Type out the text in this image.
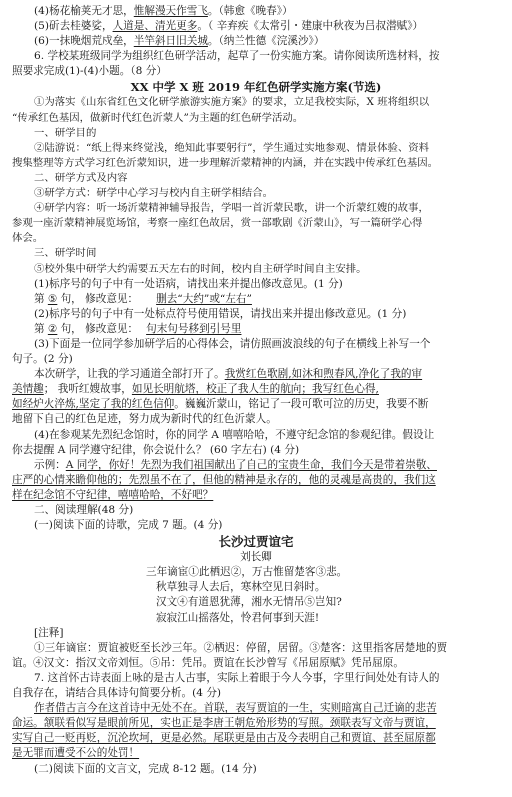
(4)杨花榆荚无才思，惟解漫天作雪飞。（韩愈《晚春》）
(5)斫去桂婆娑，人道是、清光更多。（ 辛弃疾《太常引・建康中秋夜为吕叔潜赋》）
(6)一抹晚烟荒戍垒，半竿斜日旧关城。（纳兰性德《浣溪沙》）
6. 学校某班级同学为组织红色研学活动，起草了一份实施方案。请你阅读所选材料，按
照要求完成(1)-(4)小题。（8 分）
XX 中学 X 班 2019 年红色研学实施方案(节选)
①为落实《山东省红色文化研学旅游实施方案》的要求，立足我校实际，X 班将组织以
“传承红色基因，做新时代红色沂蒙人”为主题的红色研学活动。
一、研学目的
②陆游说：“纸上得来终觉浅，绝知此事要躬行”，学生通过实地参观、情景体验、资料
搜集整理等方式学习红色沂蒙知识，进一步理解沂蒙精神的内涵，并在实践中传承红色基因。
二、研学方式及内容
③研学方式：研学中心学习与校内自主研学相结合。
④研学内容：听一场沂蒙精神辅导报告，学唱一首沂蒙民歌，讲一个沂蒙红嫂的故事，
参观一座沂蒙精神展览场馆，考察一座红色故居，赏一部歌剧《沂蒙山》，写一篇研学心得
体会。
三、研学时间
⑤校外集中研学大约需要五天左右的时间，校内自主研学时间自主安排。
(1)标序号的句子中有一处语病，请找出来并提出修改意见。(1 分)
第 ⑤ 句， 修改意见： 删去“大约”或“左右”
(2)标序号的句子中有一处标点符号使用错误，请找出来并提出修改意见。(1 分)
第 ② 句， 修改意见： 句末句号移到引号里
(3)下面是一位同学参加研学后的心得体会，请仿照画波浪线的句子在横线上补写一个
句子。(2 分)
本次研学，让我的学习通道全部打开了。我赏红色歌剧,如沐和煦春风,净化了我的审
美情趣； 我听红嫂故事，如见长明航塔，校正了我人生的航向；我写红色心得,
如经炉火淬炼,坚定了我的红色信仰。巍巍沂蒙山，铭记了一段可歌可泣的历史，我要不断
地留下自己的红色足迹，努力成为新时代的红色沂蒙人。
(4)在参观某先烈纪念馆时，你的同学 A 嘻嘻哈哈，不遵守纪念馆的参观纪律。假设让
你去提醒 A 同学遵守纪律，你会说什么？ (60 字左右) (4 分)
示例：A 同学，你好！先烈为我们祖国献出了自己的宝贵生命，我们今天是带着崇敬、
庄严的心情来瞻仰他的；先烈虽不在了，但他的精神是永存的，他的灵魂是高贵的，我们这
样在纪念馆不守纪律，嘻嘻哈哈，不好吧？
二、阅读理解(48 分)
(一)阅读下面的诗歌，完成 7 题。(4 分)
长沙过贾谊宅
刘长卿
三年谪宦①此栖迟②，万古惟留楚客③悲。
秋草独寻人去后，寒林空见日斜时。
汉文④有道恩犹薄，湘水无情吊⑤岂知?
寂寂江山摇落处，怜君何事到天涯!
[注释]
①三年谪宦：贾谊被贬至长沙三年。②栖迟：停留，居留。③楚客：这里指客居楚地的贾
谊。④汉文：指汉文帝刘恒。⑤吊：凭吊。贾谊在长沙曾写《吊屈原赋》凭吊屈原。
7. 这首怀古诗表面上咏的是古人古事，实际上着眼于今人今事，字里行间处处有诗人的
自我存在，请结合具体诗句简要分析。(4 分)
作者借古言今在这首诗中无处不在。首联，表写贾谊的一生，实则暗寓自己迁谪的悲苦
命运。颔联看似写是眼前所见，实也正是李唐王朝危殆形势的写照。颈联表写文帝与贾谊，
实写自己一贬再贬，沉沦坎坷，更是必然。尾联更是由古及今表明自己和贾谊、甚至屈原都
是无罪而遭受不公的处罚！
(二)阅读下面的文言文，完成 8-12 题。(14 分)
